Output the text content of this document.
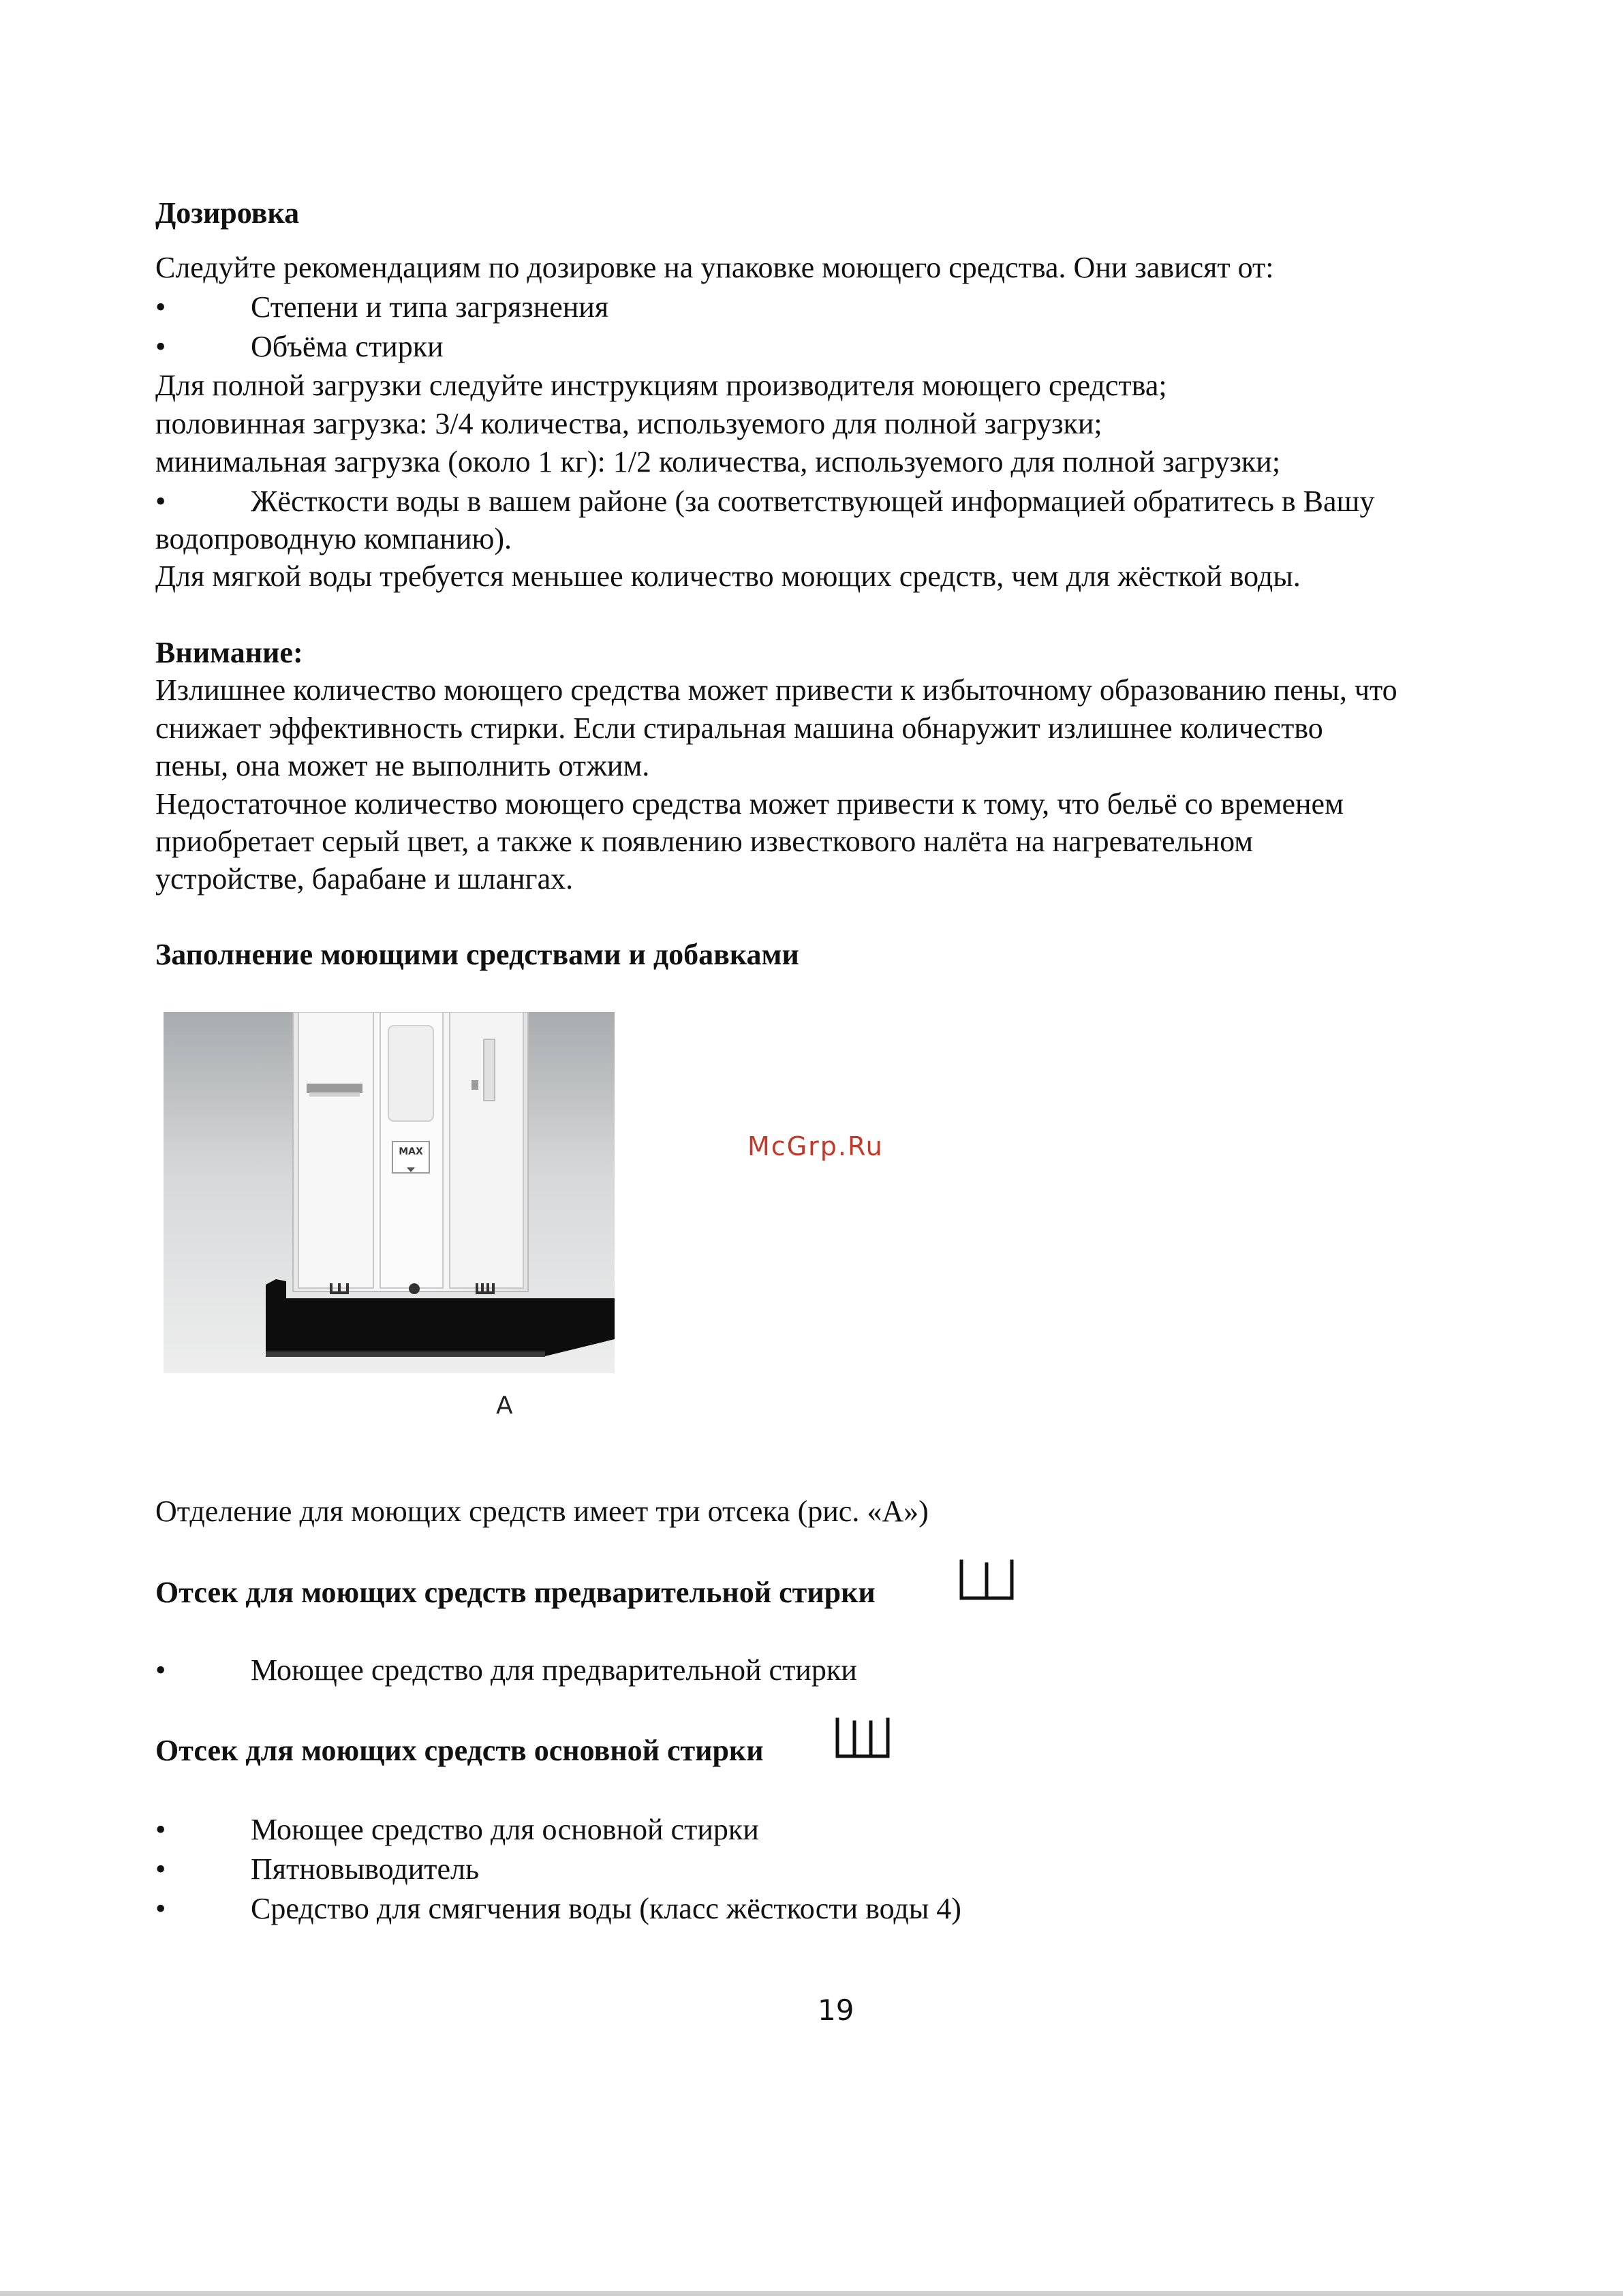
Дозировка
Следуйте рекомендациям по дозировке на упаковке моющего средства. Они зависят от:
•	Степени и типа загрязнения
•	Объёма стирки
Для полной загрузки следуйте инструкциям производителя моющего средства;
половинная загрузка: 3/4 количества, используемого для полной загрузки;
минимальная загрузка (около 1 кг): 1/2 количества, используемого для полной загрузки;
•	Жёсткости воды в вашем районе (за соответствующей информацией обратитесь в Вашу
водопроводную компанию).
Для мягкой воды требуется меньшее количество моющих средств, чем для жёсткой воды.
Внимание:
Излишнее количество моющего средства может привести к избыточному образованию пены, что
снижает эффективность стирки. Если стиральная машина обнаружит излишнее количество
пены, она может не выполнить отжим.
Недостаточное количество моющего средства может привести к тому, что бельё со временем
приобретает серый цвет, а также к появлению известкового налёта на нагревательном
устройстве, барабане и шлангах.
Заполнение моющими средствами и добавками
MAX
A
McGrp.Ru
Отделение для моющих средств имеет три отсека (рис. «А»)
Отсек для моющих средств предварительной стирки
•	Моющее средство для предварительной стирки
Отсек для моющих средств основной стирки
•	Моющее средство для основной стирки
•	Пятновыводитель
•	Средство для смягчения воды (класс жёсткости воды 4)
19
